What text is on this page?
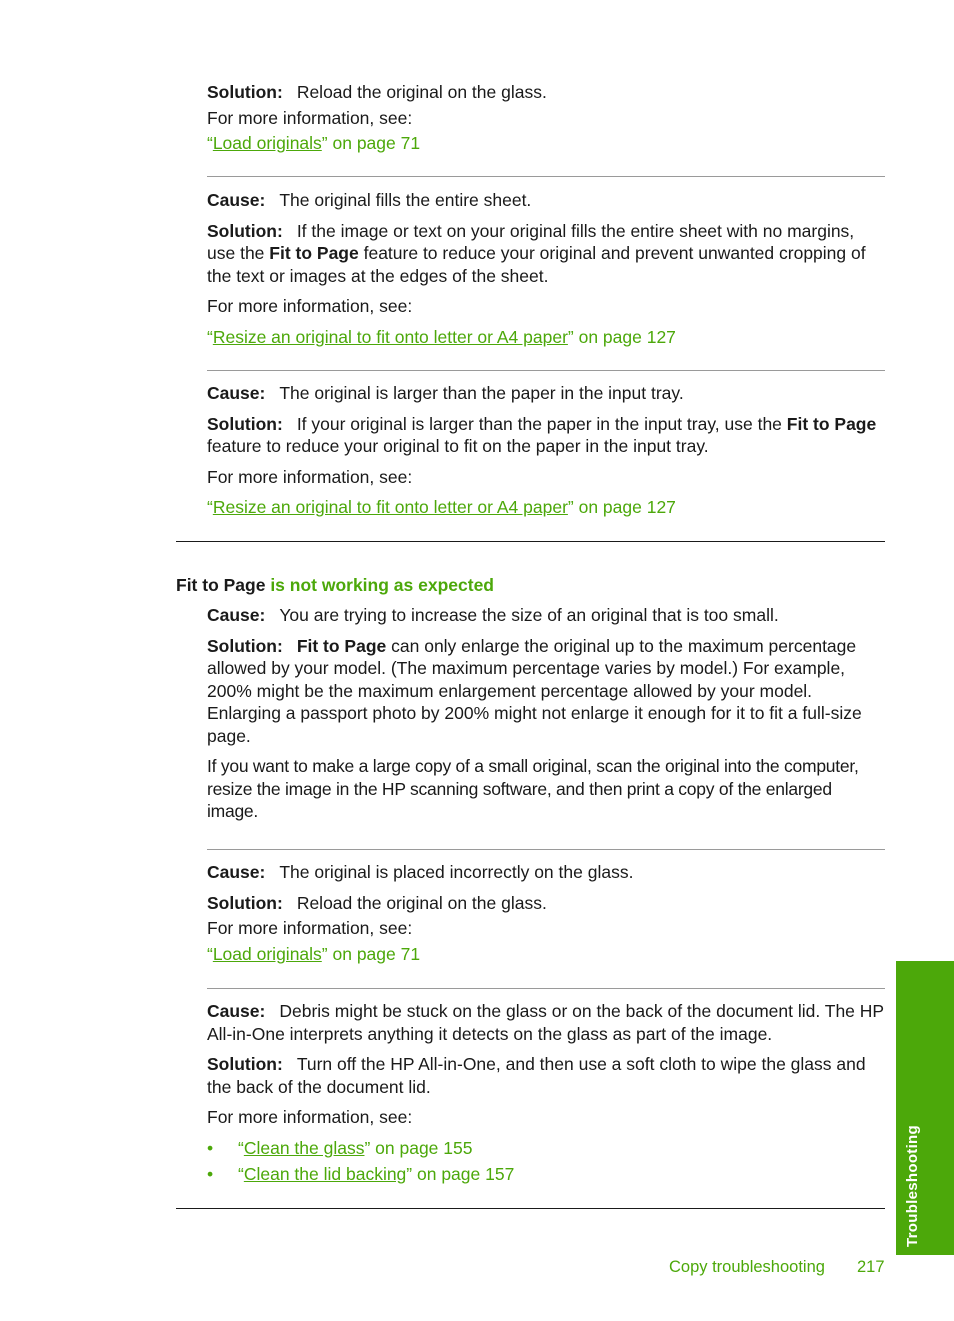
Solution: Reload the original on the glass.

For more information, see:

“Load originals” on page 71

Cause: The original fills the entire sheet.

Solution: If the image or text on your original fills the entire sheet with no margins, use the Fit to Page feature to reduce your original and prevent unwanted cropping of the text or images at the edges of the sheet.

For more information, see:

“Resize an original to fit onto letter or A4 paper” on page 127

Cause: The original is larger than the paper in the input tray.

Solution: If your original is larger than the paper in the input tray, use the Fit to Page feature to reduce your original to fit on the paper in the input tray.

For more information, see:

“Resize an original to fit onto letter or A4 paper” on page 127

Fit to Page is not working as expected

Cause: You are trying to increase the size of an original that is too small.

Solution: Fit to Page can only enlarge the original up to the maximum percentage allowed by your model. (The maximum percentage varies by model.) For example, 200% might be the maximum enlargement percentage allowed by your model. Enlarging a passport photo by 200% might not enlarge it enough for it to fit a full-size page.

If you want to make a large copy of a small original, scan the original into the computer, resize the image in the HP scanning software, and then print a copy of the enlarged image.

Cause: The original is placed incorrectly on the glass.

Solution: Reload the original on the glass.

For more information, see:

“Load originals” on page 71

Cause: Debris might be stuck on the glass or on the back of the document lid. The HP All-in-One interprets anything it detects on the glass as part of the image.

Solution: Turn off the HP All-in-One, and then use a soft cloth to wipe the glass and the back of the document lid.

For more information, see:

• “Clean the glass” on page 155
• “Clean the lid backing” on page 157	Troubleshooting
Copy troubleshooting 217
